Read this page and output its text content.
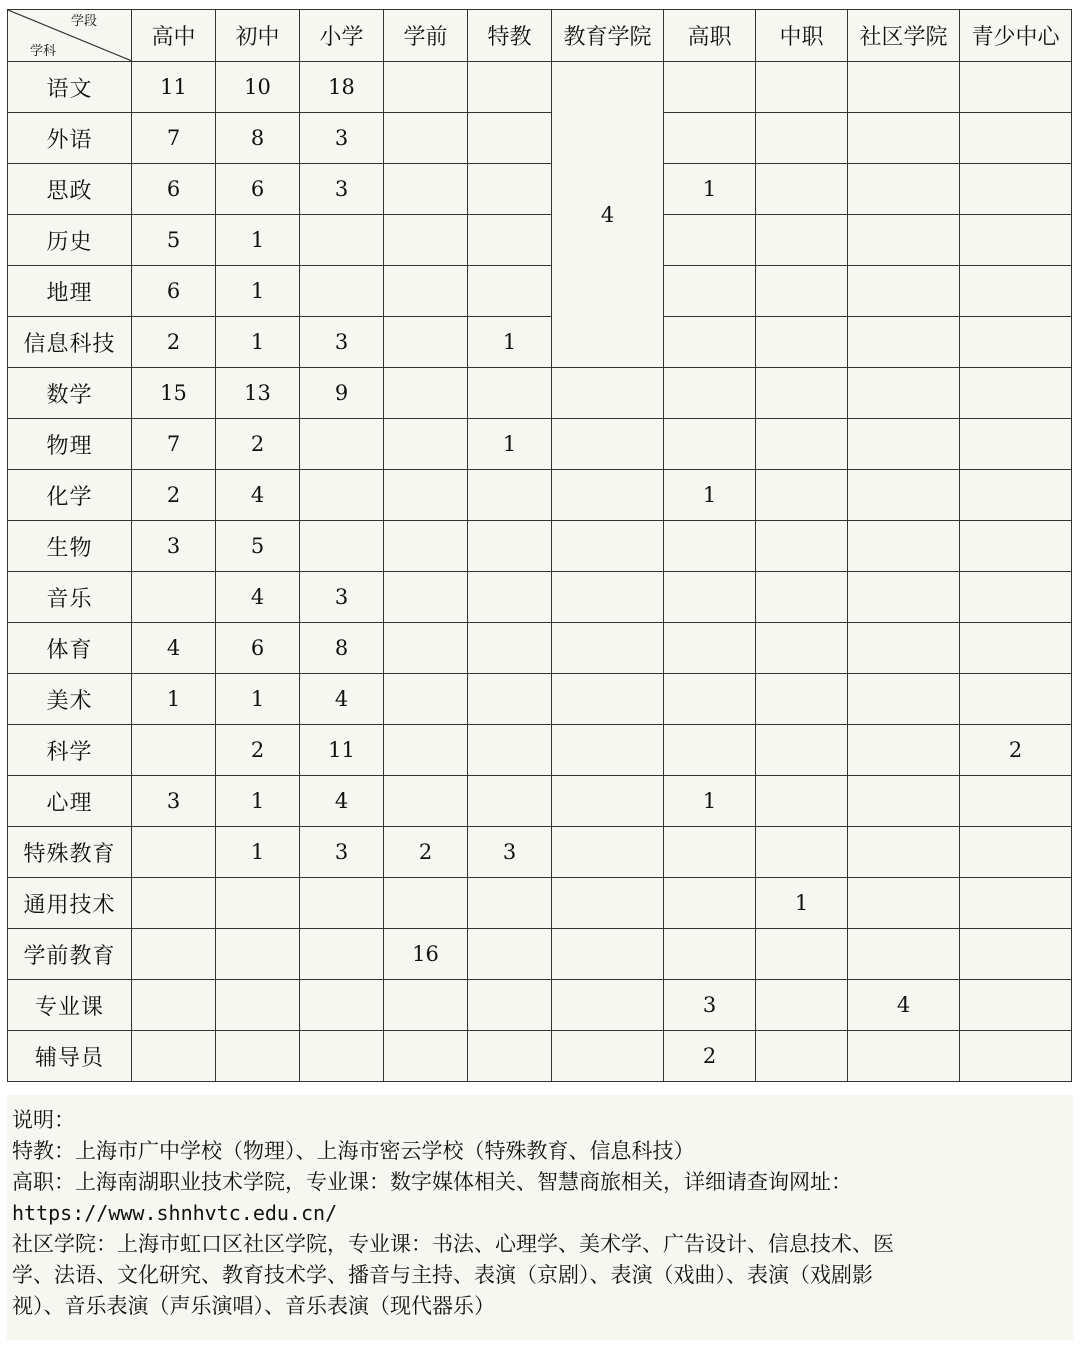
学段
学科	高中	初中	小学	学前	特教	教育学院	高职	中职	社区学院	青少中心
语文	11	10	18			4				
外语	7	8	3							
思政	6	6	3				1			
历史	5	1								
地理	6	1								
信息科技	2	1	3		1					
数学	15	13	9							
物理	7	2			1					
化学	2	4					1			
生物	3	5								
音乐		4	3							
体育	4	6	8							
美术	1	1	4							
科学		2	11							2
心理	3	1	4				1			
特殊教育		1	3	2	3					
通用技术								1		
学前教育				16						
专业课							3		4	
辅导员							2			
说明：
特教：上海市广中学校（物理）、上海市密云学校（特殊教育、信息科技）
高职：上海南湖职业技术学院，专业课：数字媒体相关、智慧商旅相关，详细请查询网址：
https://www.shnhvtc.edu.cn/
社区学院：上海市虹口区社区学院，专业课：书法、心理学、美术学、广告设计、信息技术、医
学、法语、文化研究、教育技术学、播音与主持、表演（京剧）、表演（戏曲）、表演（戏剧影
视）、音乐表演（声乐演唱）、音乐表演（现代器乐）
